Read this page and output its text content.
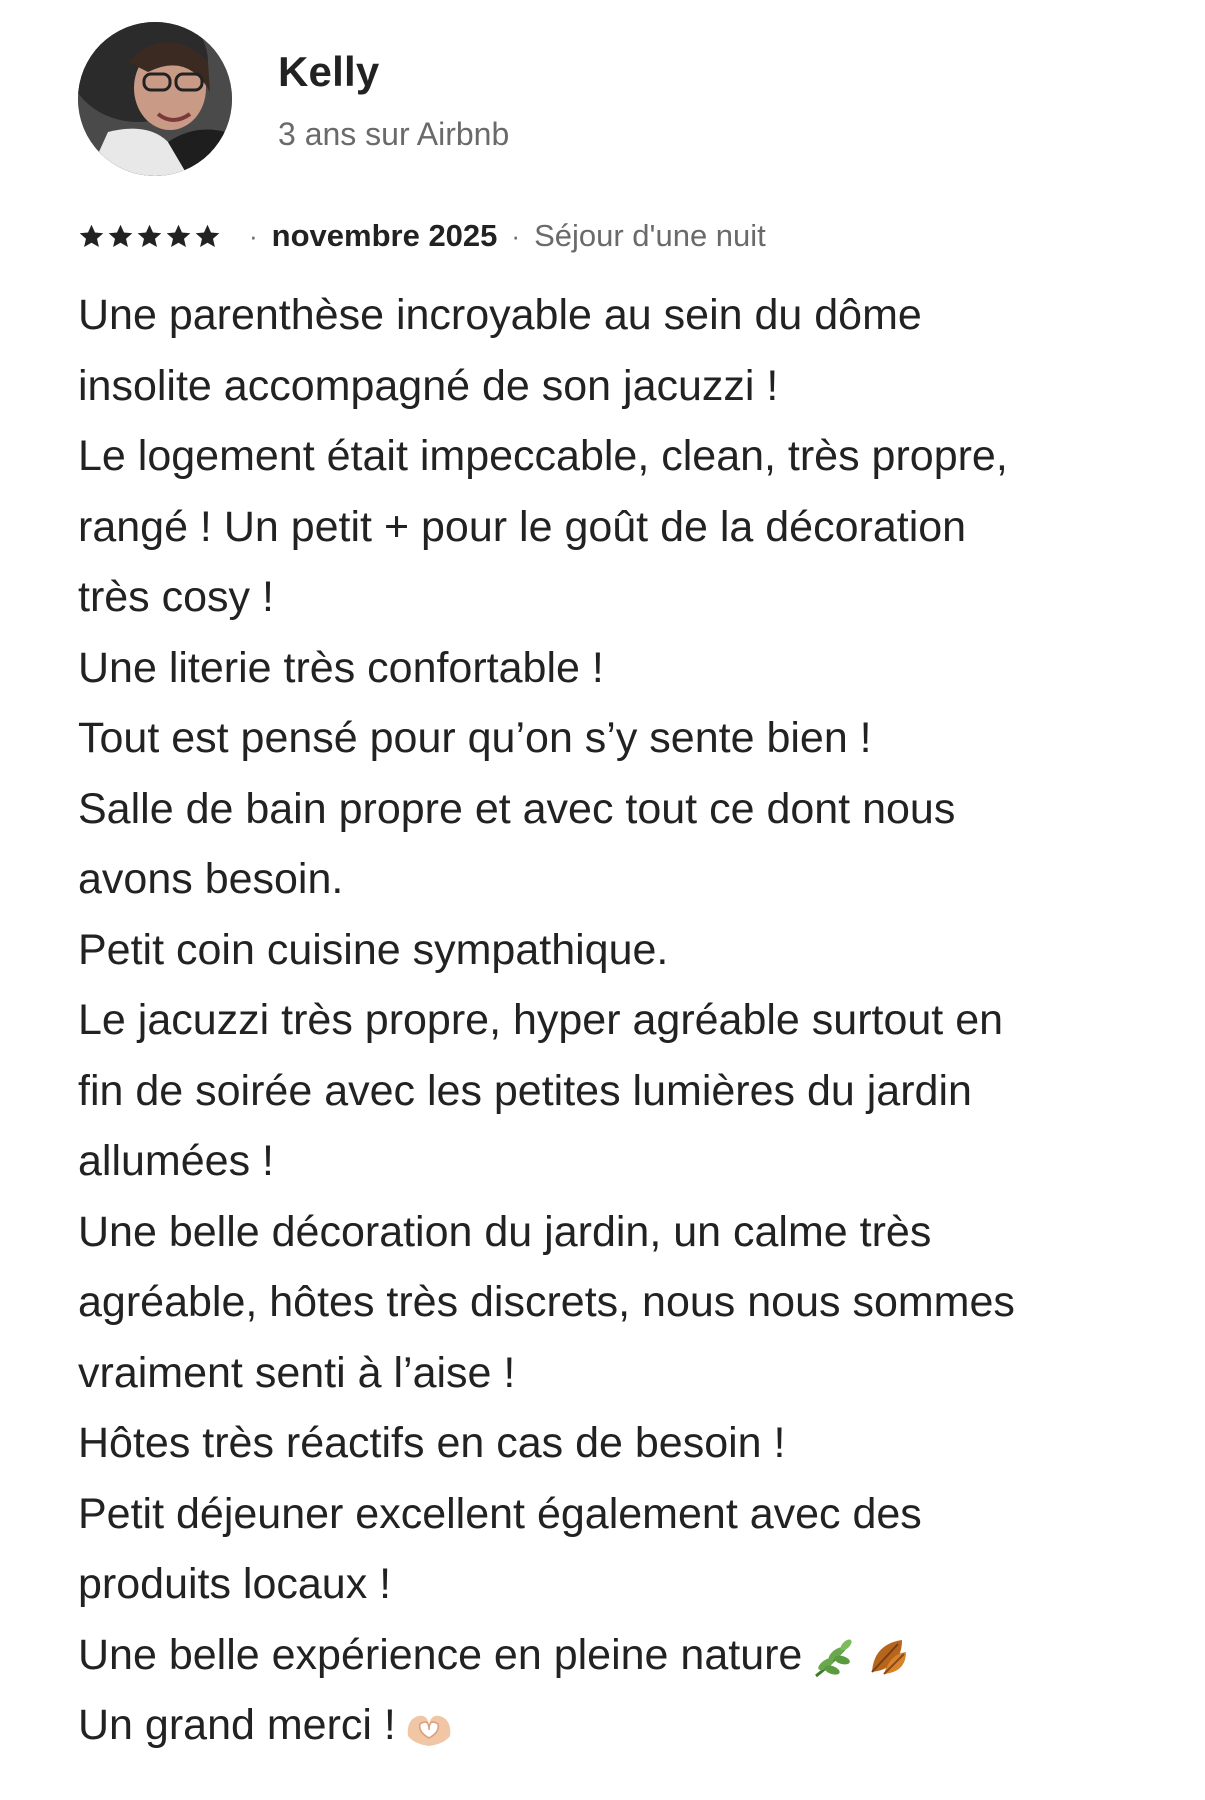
Kelly
3 ans sur Airbnb
· novembre 2025 · Séjour d'une nuit
Une parenthèse incroyable au sein du dôme
insolite accompagné de son jacuzzi !
Le logement était impeccable, clean, très propre,
rangé ! Un petit + pour le goût de la décoration
très cosy !
Une literie très confortable !
Tout est pensé pour qu’on s’y sente bien !
Salle de bain propre et avec tout ce dont nous
avons besoin.
Petit coin cuisine sympathique.
Le jacuzzi très propre, hyper agréable surtout en
fin de soirée avec les petites lumières du jardin
allumées !
Une belle décoration du jardin, un calme très
agréable, hôtes très discrets, nous nous sommes
vraiment senti à l’aise !
Hôtes très réactifs en cas de besoin !
Petit déjeuner excellent également avec des
produits locaux !
Une belle expérience en pleine nature
Un grand merci !
